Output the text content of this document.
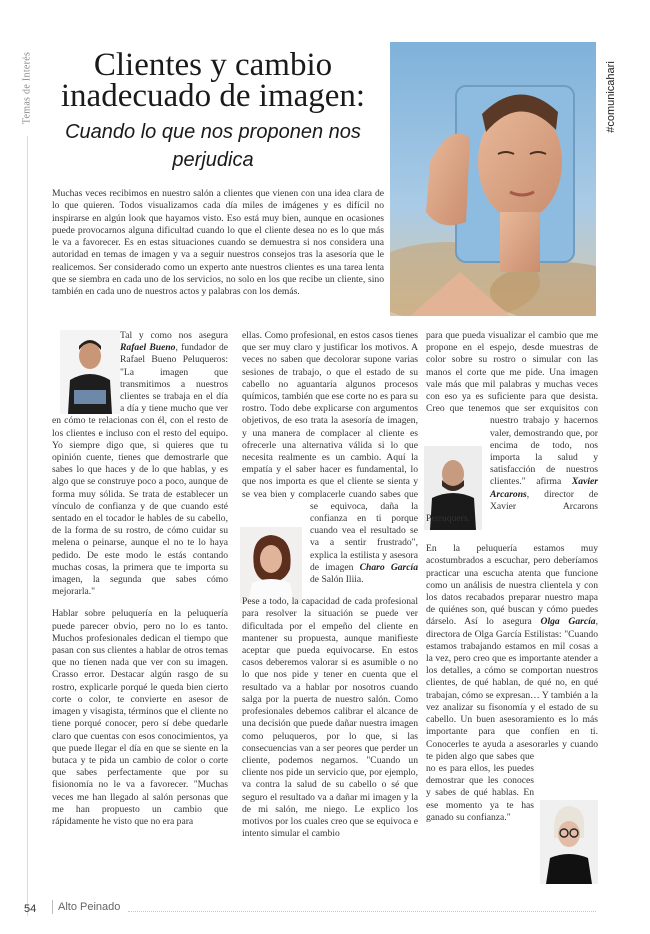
Temas de Interés	#comunicahari
Clientes y cambio inadecuado de imagen:
Cuando lo que nos proponen nos perjudica

Muchas veces recibimos en nuestro salón a clientes que vienen con una idea clara de lo que quieren. Todos visualizamos cada día miles de imágenes y es difícil no inspirarse en algún look que hayamos visto. Eso está muy bien, aunque en ocasiones puede provocarnos alguna dificultad cuando lo que el cliente desea no es lo que más le va a favorecer. Es en estas situaciones cuando se demuestra si nos considera una autoridad en temas de imagen y va a seguir nuestros consejos tras la asesoría que le realicemos. Ser considerado como un experto ante nuestros clientes es una tarea lenta que se siembra en cada uno de los servicios, no solo en los que recibe un cliente, sino también en cada uno de nuestros actos y palabras con los demás.

Tal y como nos asegura Rafael Bueno, fundador de Rafael Bueno Peluqueros: "La imagen que transmitimos a nuestros clientes se trabaja en el día a día y tiene mucho que ver en cómo te relacionas con él, con el resto de los clientes e incluso con el resto del equipo. Yo siempre digo que, si quieres que tu opinión cuente, tienes que demostrarle que sabes lo que haces y de lo que hablas, y es algo que se construye poco a poco, aunque de forma muy sólida. Se trata de establecer un vínculo de confianza y de que cuando esté sentado en el tocador le hables de su cabello, de la forma de su rostro, de cómo cuidar su melena o peinarse, aunque el no te lo haya pedido. De este modo le estás contando muchas cosas, la primera que te importa su imagen, la segunda que sabes cómo mejorarla."

Hablar sobre peluquería en la peluquería puede parecer obvio, pero no lo es tanto. Muchos profesionales dedican el tiempo que pasan con sus clientes a hablar de otros temas que no tienen nada que ver con su imagen. Crasso error. Destacar algún rasgo de su rostro, explicarle porqué le queda bien cierto corte o color, te convierte en asesor de imagen y visagista, términos que el cliente no tiene porqué conocer, pero sí debe quedarle claro que cuentas con esos conocimientos, ya que puede llegar el día en que se siente en la butaca y te pida un cambio de color o corte que sabes perfectamente que por su fisionomía no le va a favorecer. "Muchas veces me han llegado al salón personas que me han propuesto un cambio que rápidamente he visto que no era para

ellas. Como profesional, en estos casos tienes que ser muy claro y justificar los motivos. A veces no saben que decolorar supone varias sesiones de trabajo, o que el estado de su cabello no aguantaría algunos procesos químicos, también que ese corte no es para su rostro. Todo debe explicarse con argumentos objetivos, de eso trata la asesoría de imagen, y una manera de complacer al cliente es ofrecerle una alternativa válida si lo que necesita realmente es un cambio. Aquí la empatía y el saber hacer es fundamental, lo que nos importa es que el cliente se sienta y se vea bien y complacerle cuando sabes
que se equivoca, daña la confianza en ti porque cuando vea el resultado se va a sentir frustrado", explica la estilista y asesora de imagen Charo García de Salón Iliia.

Pese a todo, la capacidad de cada profesional para resolver la situación se puede ver dificultada por el empeño del cliente en mantener su propuesta, aunque manifieste aceptar que pueda equivocarse. En estos casos deberemos valorar si es asumible o no lo que nos pide y tener en cuenta que el resultado va a hablar por nosotros cuando salga por la puerta de nuestro salón. Como profesionales debemos calibrar el alcance de una decisión que puede dañar nuestra imagen como peluqueros, por lo que, si las consecuencias van a ser peores que perder un cliente, podemos negarnos. "Cuando un cliente nos pide un servicio que, por ejemplo, va contra la salud de su cabello o sé que seguro el resultado va a dañar mi imagen y la de mi salón, me niego. Le explico los motivos por los cuales creo que se equivoca e intento simular el cambio

para que pueda visualizar el cambio que me propone en el espejo, desde muestras de color sobre su rostro o simular con las manos el corte que me pide. Una imagen vale más que mil palabras y muchas veces con eso ya es suficiente para que desista. Creo que tenemos que ser exquisitos con nuestro trabajo y hacernos
valer, demostrando que, por encima de todo, nos importa la salud y satisfacción de nuestros clientes." afirma Xavier Arcarons, director de Xavier Arcarons Perruquers.

En la peluquería estamos muy acostumbrados a escuchar, pero deberíamos practicar una escucha atenta que funcione como un análisis de nuestra clientela y con los datos recabados preparar nuestro mapa de quiénes son, qué buscan y cómo puedes dárselo. Así lo asegura Olga García, directora de Olga García Estilistas: "Cuando estamos trabajando estamos en mil cosas a la vez, pero creo que es importante atender a los detalles, a cómo se comportan nuestros clientes, de qué hablan, de qué no, en qué trabajan, cómo se expresan… Y también a la vez analizar su fisonomía y el estado de su cabello. Un buen asesoramiento es lo más importante para que confíen en ti. Conocerles te ayuda a asesorarles y cuando te piden algo que
sabes que no es para ellos, les puedes demostrar que les conoces y sabes de qué hablas. En ese momento ya te has ganado su confianza."

54 Alto Peinado
